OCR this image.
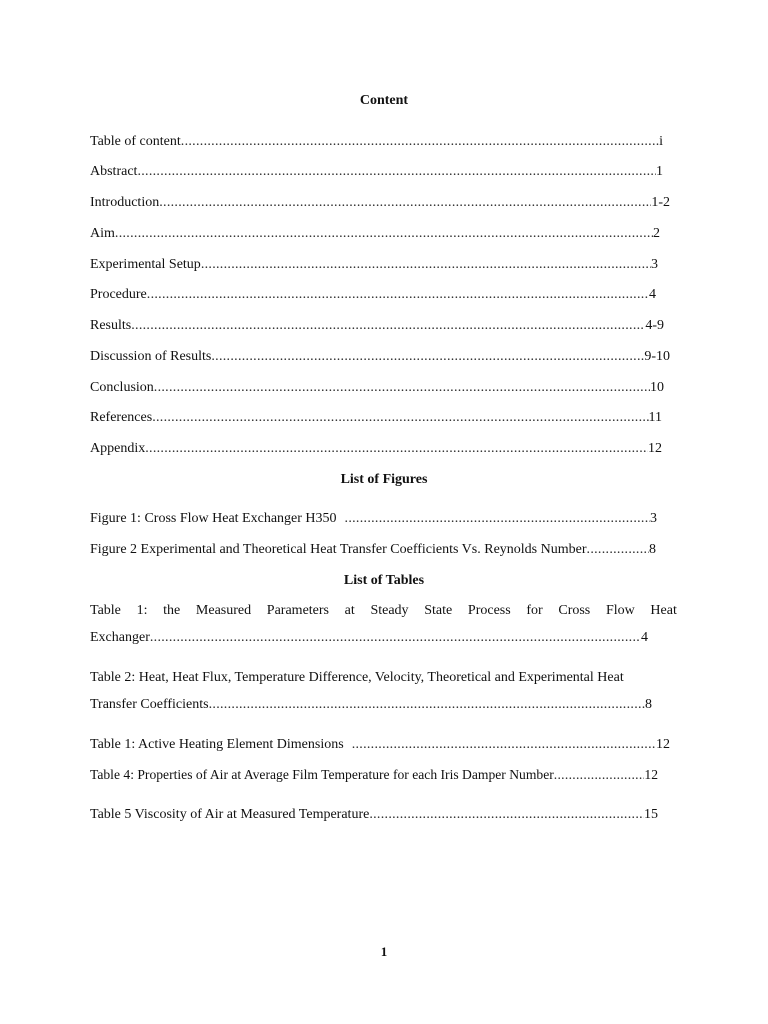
Content
Table of content .....	i
Abstract .....	1
Introduction .....	1-2
Aim .....	2
Experimental Setup .....	3
Procedure .....	4
Results .....	4-9
Discussion of Results .....	9-10
Conclusion .....	10
References .....	11
Appendix .....	12
List of Figures
Figure 1: Cross Flow Heat Exchanger H350 .....	3
Figure 2 Experimental and Theoretical Heat Transfer Coefficients Vs. Reynolds Number .....	8
List of Tables
Table 1: the Measured Parameters at Steady State Process for Cross Flow Heat
Exchanger .....	4
Table 2: Heat, Heat Flux, Temperature Difference, Velocity, Theoretical and Experimental Heat
Transfer Coefficients .....	8
Table 1: Active Heating Element Dimensions .....	12
Table 4: Properties of Air at Average Film Temperature for each Iris Damper Number .....	12
Table 5 Viscosity of Air at Measured Temperature .....	15
1
